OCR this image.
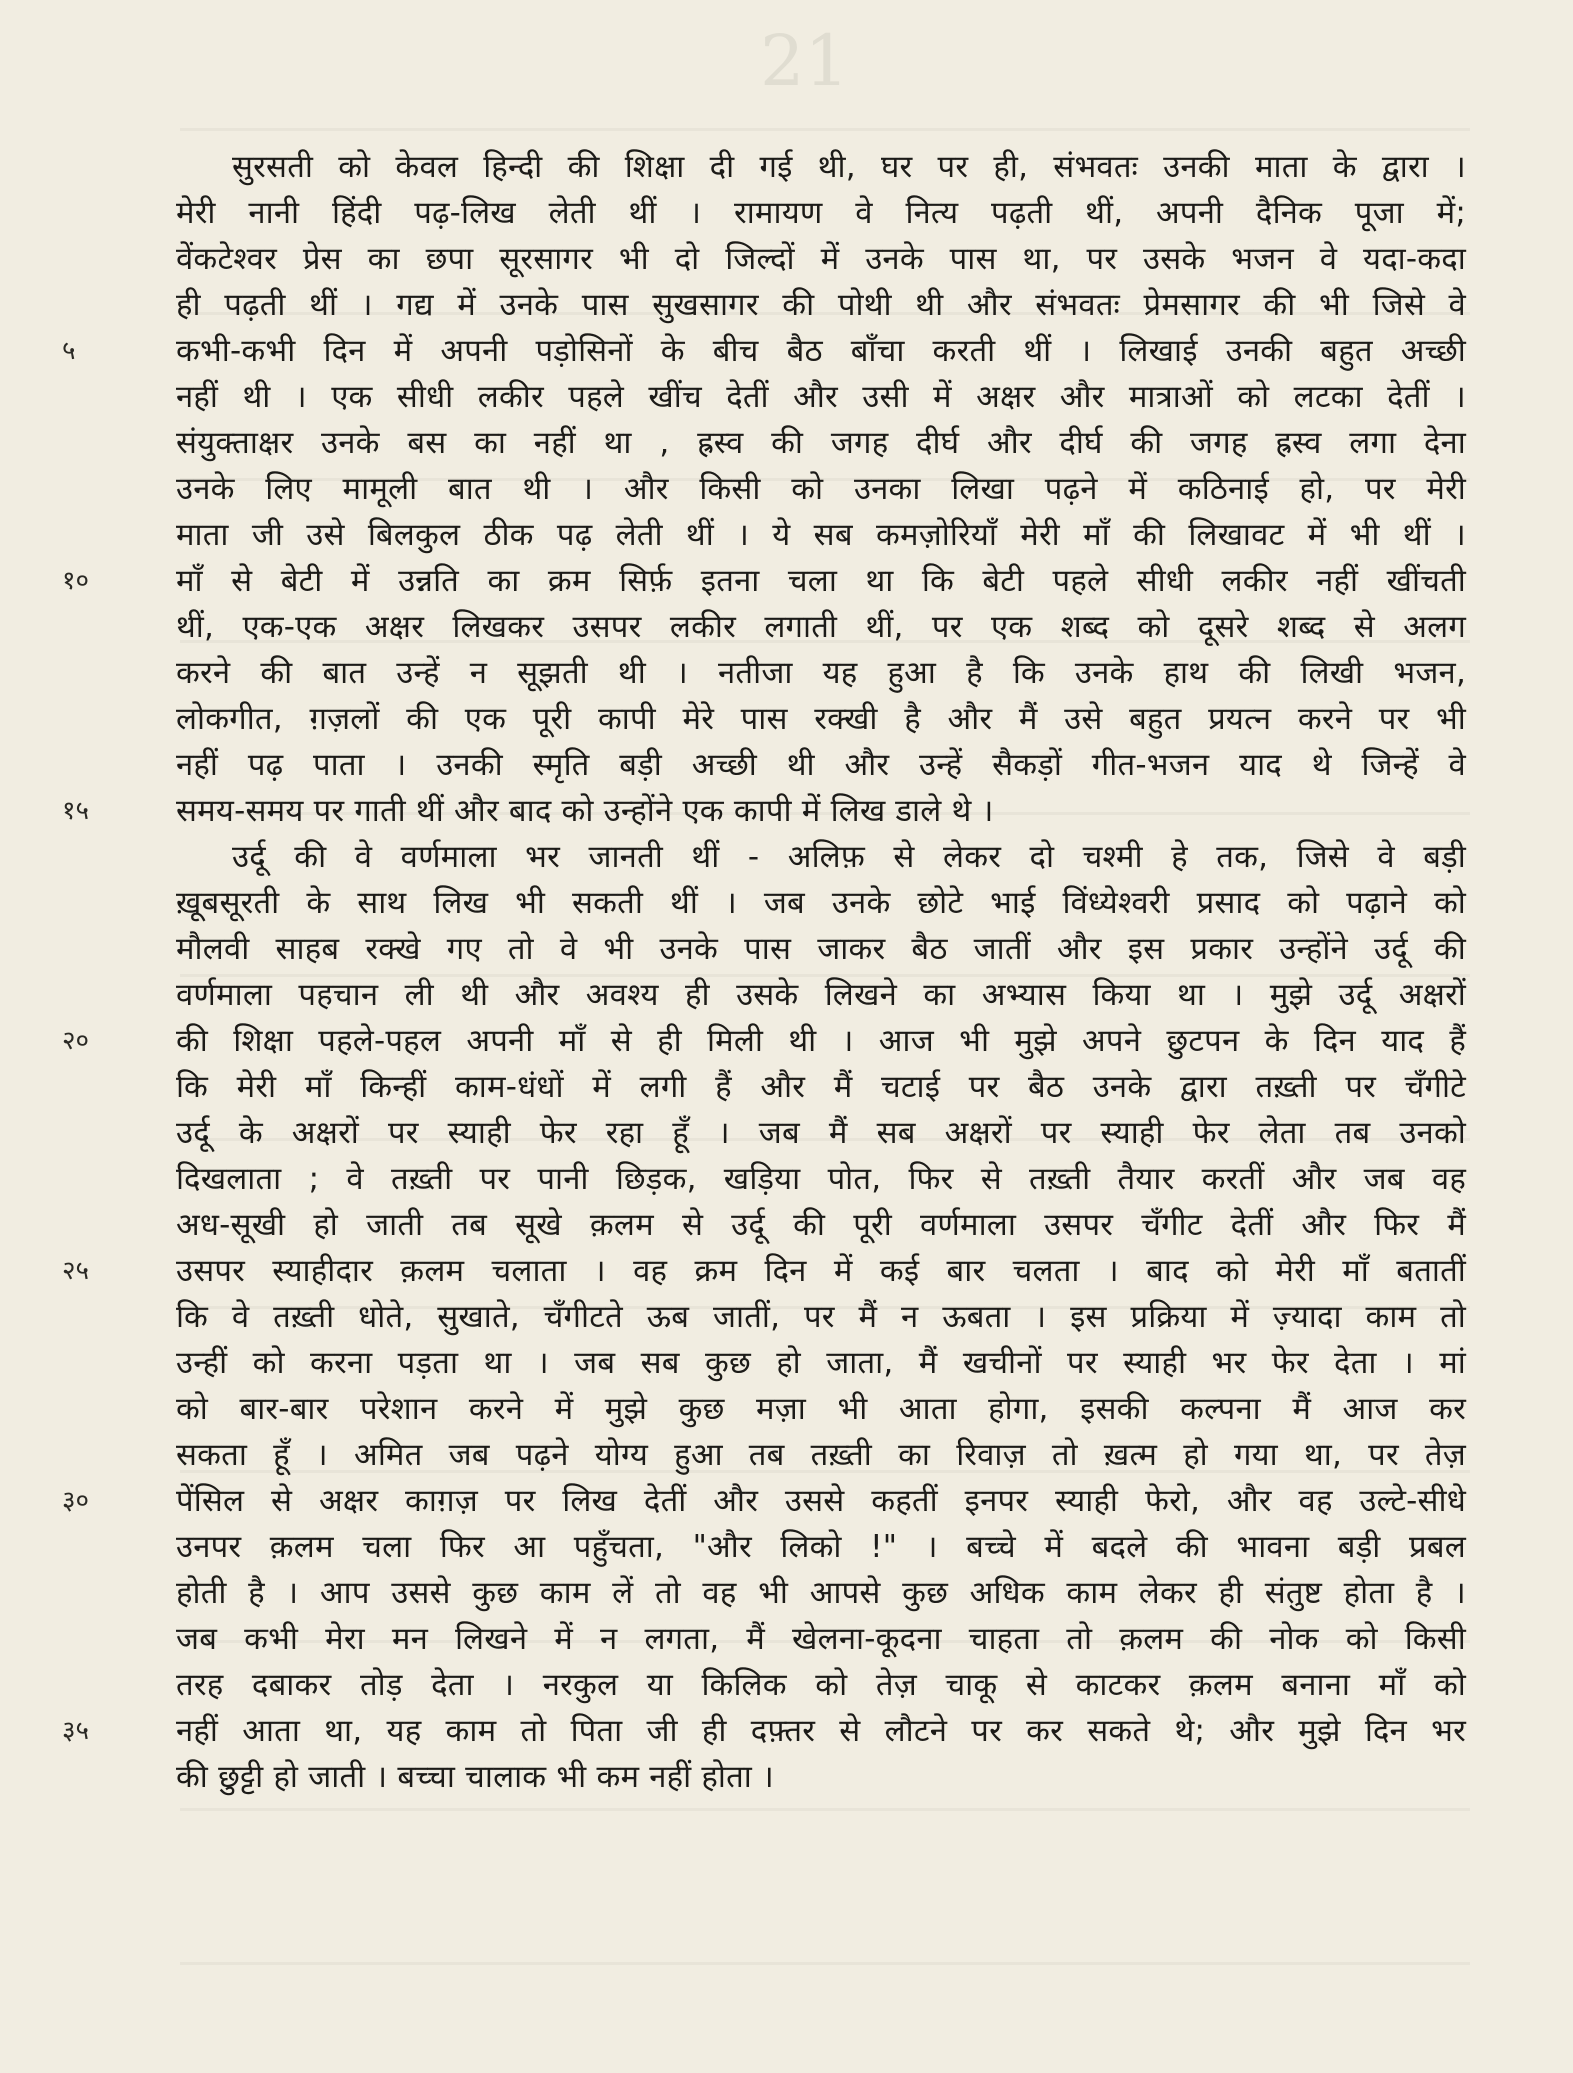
21
सुरसती को केवल हिन्दी की शिक्षा दी गई थी, घर पर ही, संभवतः उनकी माता के द्वारा ।
मेरी नानी हिंदी पढ़-लिख लेती थीं । रामायण वे नित्य पढ़ती थीं, अपनी दैनिक पूजा में;
वेंकटेश्वर प्रेस का छपा सूरसागर भी दो जिल्दों में उनके पास था, पर उसके भजन वे यदा-कदा
ही पढ़ती थीं । गद्य में उनके पास सुखसागर की पोथी थी और संभवतः प्रेमसागर की भी जिसे वे
कभी-कभी दिन में अपनी पड़ोसिनों के बीच बैठ बाँचा करती थीं । लिखाई उनकी बहुत अच्छी
नहीं थी । एक सीधी लकीर पहले खींच देतीं और उसी में अक्षर और मात्राओं को लटका देतीं ।
संयुक्ताक्षर उनके बस का नहीं था , ह्रस्व की जगह दीर्घ और दीर्घ की जगह ह्रस्व लगा देना
उनके लिए मामूली बात थी । और किसी को उनका लिखा पढ़ने में कठिनाई हो, पर मेरी
माता जी उसे बिलकुल ठीक पढ़ लेती थीं । ये सब कमज़ोरियाँ मेरी माँ की लिखावट में भी थीं ।
माँ से बेटी में उन्नति का क्रम सिर्फ़ इतना चला था कि बेटी पहले सीधी लकीर नहीं खींचती
थीं, एक-एक अक्षर लिखकर उसपर लकीर लगाती थीं, पर एक शब्द को दूसरे शब्द से अलग
करने की बात उन्हें न सूझती थी । नतीजा यह हुआ है कि उनके हाथ की लिखी भजन,
लोकगीत, ग़ज़लों की एक पूरी कापी मेरे पास रक्खी है और मैं उसे बहुत प्रयत्न करने पर भी
नहीं पढ़ पाता । उनकी स्मृति बड़ी अच्छी थी और उन्हें सैकड़ों गीत-भजन याद थे जिन्हें वे
समय-समय पर गाती थीं और बाद को उन्होंने एक कापी में लिख डाले थे ।
उर्दू की वे वर्णमाला भर जानती थीं - अलिफ़ से लेकर दो चश्मी हे तक, जिसे वे बड़ी
ख़ूबसूरती के साथ लिख भी सकती थीं । जब उनके छोटे भाई विंध्येश्वरी प्रसाद को पढ़ाने को
मौलवी साहब रक्खे गए तो वे भी उनके पास जाकर बैठ जातीं और इस प्रकार उन्होंने उर्दू की
वर्णमाला पहचान ली थी और अवश्य ही उसके लिखने का अभ्यास किया था । मुझे उर्दू अक्षरों
की शिक्षा पहले-पहल अपनी माँ से ही मिली थी । आज भी मुझे अपने छुटपन के दिन याद हैं
कि मेरी माँ किन्हीं काम-धंधों में लगी हैं और मैं चटाई पर बैठ उनके द्वारा तख़्ती पर चँगीटे
उर्दू के अक्षरों पर स्याही फेर रहा हूँ । जब मैं सब अक्षरों पर स्याही फेर लेता तब उनको
दिखलाता ; वे तख़्ती पर पानी छिड़क, खड़िया पोत, फिर से तख़्ती तैयार करतीं और जब वह
अध-सूखी हो जाती तब सूखे क़लम से उर्दू की पूरी वर्णमाला उसपर चँगीट देतीं और फिर मैं
उसपर स्याहीदार क़लम चलाता । वह क्रम दिन में कई बार चलता । बाद को मेरी माँ बतातीं
कि वे तख़्ती धोते, सुखाते, चँगीटते ऊब जातीं, पर मैं न ऊबता । इस प्रक्रिया में ज़्यादा काम तो
उन्हीं को करना पड़ता था । जब सब कुछ हो जाता, मैं खचीनों पर स्याही भर फेर देता । मां
को बार-बार परेशान करने में मुझे कुछ मज़ा भी आता होगा, इसकी कल्पना मैं आज कर
सकता हूँ । अमित जब पढ़ने योग्य हुआ तब तख़्ती का रिवाज़ तो ख़त्म हो गया था, पर तेज़
पेंसिल से अक्षर काग़ज़ पर लिख देतीं और उससे कहतीं इनपर स्याही फेरो, और वह उल्टे-सीधे
उनपर क़लम चला फिर आ पहुँचता, "और लिको !" । बच्चे में बदले की भावना बड़ी प्रबल
होती है । आप उससे कुछ काम लें तो वह भी आपसे कुछ अधिक काम लेकर ही संतुष्ट होता है ।
जब कभी मेरा मन लिखने में न लगता, मैं खेलना-कूदना चाहता तो क़लम की नोक को किसी
तरह दबाकर तोड़ देता । नरकुल या किलिक को तेज़ चाकू से काटकर क़लम बनाना माँ को
नहीं आता था, यह काम तो पिता जी ही दफ़्तर से लौटने पर कर सकते थे; और मुझे दिन भर
की छुट्टी हो जाती । बच्चा चालाक भी कम नहीं होता ।
५
१०
१५
२०
२५
३०
३५
